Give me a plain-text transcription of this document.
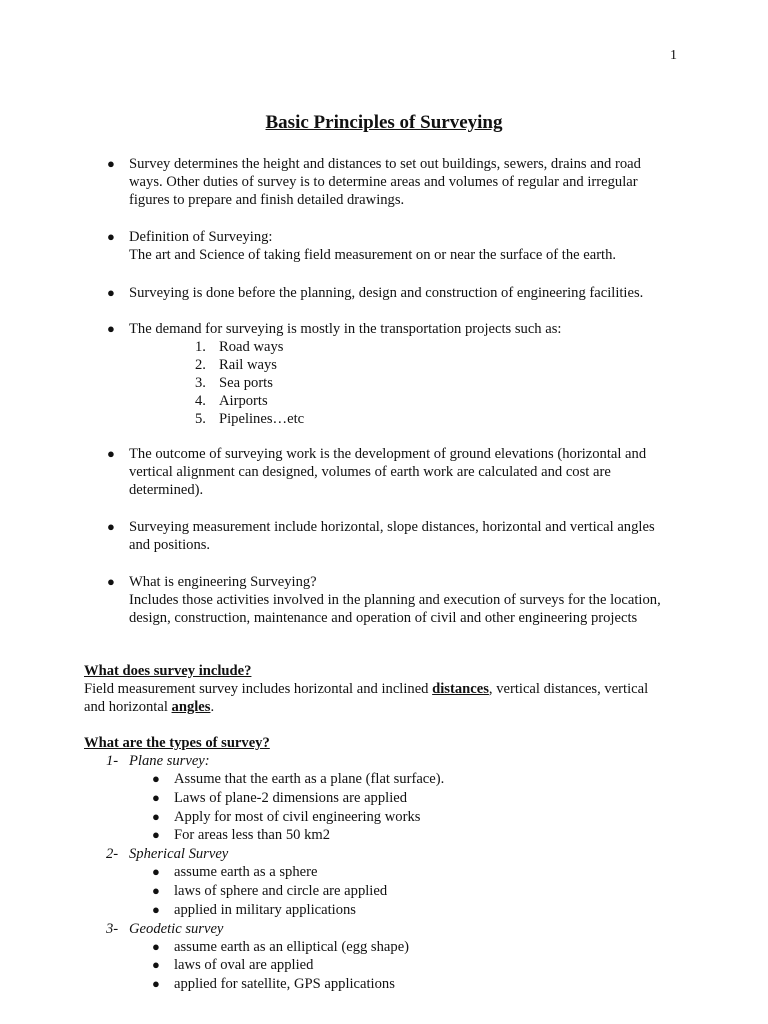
1
Basic Principles of Surveying
● Survey determines the height and distances to set out buildings, sewers, drains and road
ways. Other duties of survey is to determine areas and volumes of regular and irregular
figures to prepare and finish detailed drawings.
● Definition of Surveying:
The art and Science of taking field measurement on or near the surface of the earth.
● Surveying is done before the planning, design and construction of engineering facilities.
● The demand for surveying is mostly in the transportation projects such as:
1. Road ways
2. Rail ways
3. Sea ports
4. Airports
5. Pipelines…etc
● The outcome of surveying work is the development of ground elevations (horizontal and
vertical alignment can designed, volumes of earth work are calculated and cost are
determined).
● Surveying measurement include horizontal, slope distances, horizontal and vertical angles
and positions.
● What is engineering Surveying?
Includes those activities involved in the planning and execution of surveys for the location,
design, construction, maintenance and operation of civil and other engineering projects

What does survey include?

Field measurement survey includes horizontal and inclined distances, vertical distances, vertical
and horizontal angles.

What are the types of survey?

1- Plane survey:
● Assume that the earth as a plane (flat surface).
● Laws of plane-2 dimensions are applied
● Apply for most of civil engineering works
● For areas less than 50 km2
2- Spherical Survey
● assume earth as a sphere
● laws of sphere and circle are applied
● applied in military applications
3- Geodetic survey
● assume earth as an elliptical (egg shape)
● laws of oval are applied
● applied for satellite, GPS applications
